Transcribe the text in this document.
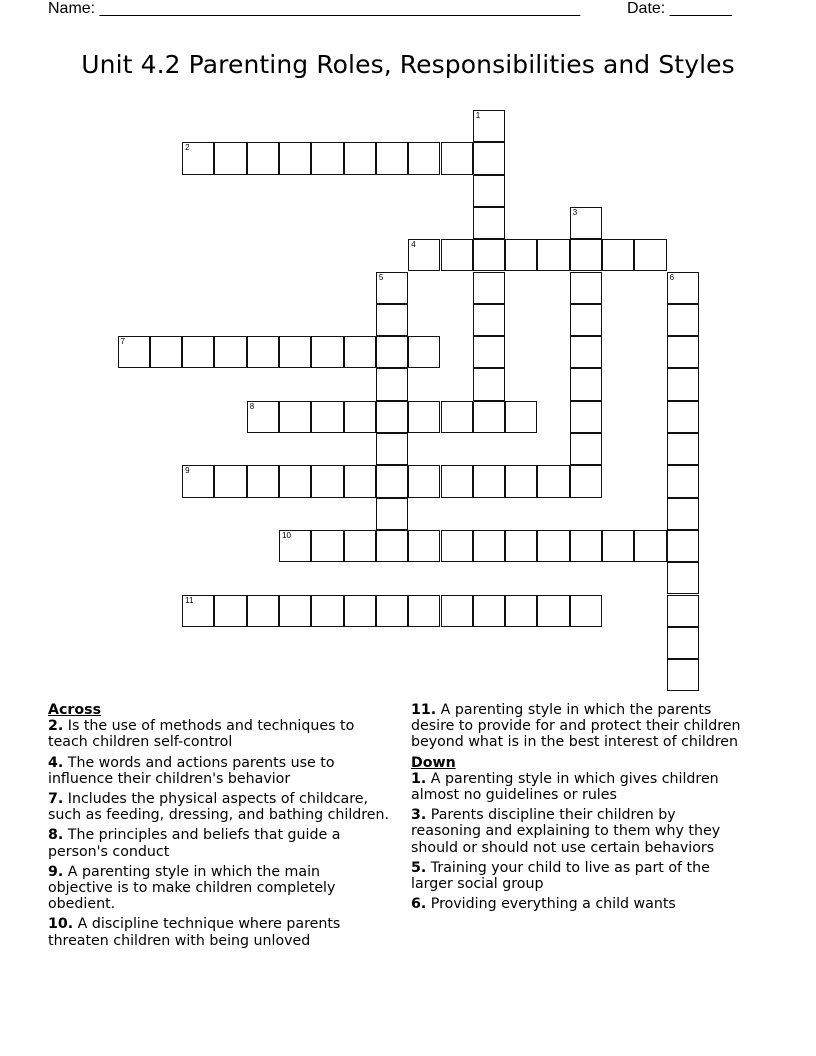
Name: ______________________________________________________	Date: _______
Unit 4.2 Parenting Roles, Responsibilities and Styles
1
2
3
4
5	6
7
8
9
10
11
Across
2. Is the use of methods and techniques to
teach children self-control
4. The words and actions parents use to
influence their children's behavior
7. Includes the physical aspects of childcare,
such as feeding, dressing, and bathing children.
8. The principles and beliefs that guide a
person's conduct
9. A parenting style in which the main
objective is to make children completely
obedient.
10. A discipline technique where parents
threaten children with being unloved
11. A parenting style in which the parents
desire to provide for and protect their children
beyond what is in the best interest of children
Down
1. A parenting style in which gives children
almost no guidelines or rules
3. Parents discipline their children by
reasoning and explaining to them why they
should or should not use certain behaviors
5. Training your child to live as part of the
larger social group
6. Providing everything a child wants
